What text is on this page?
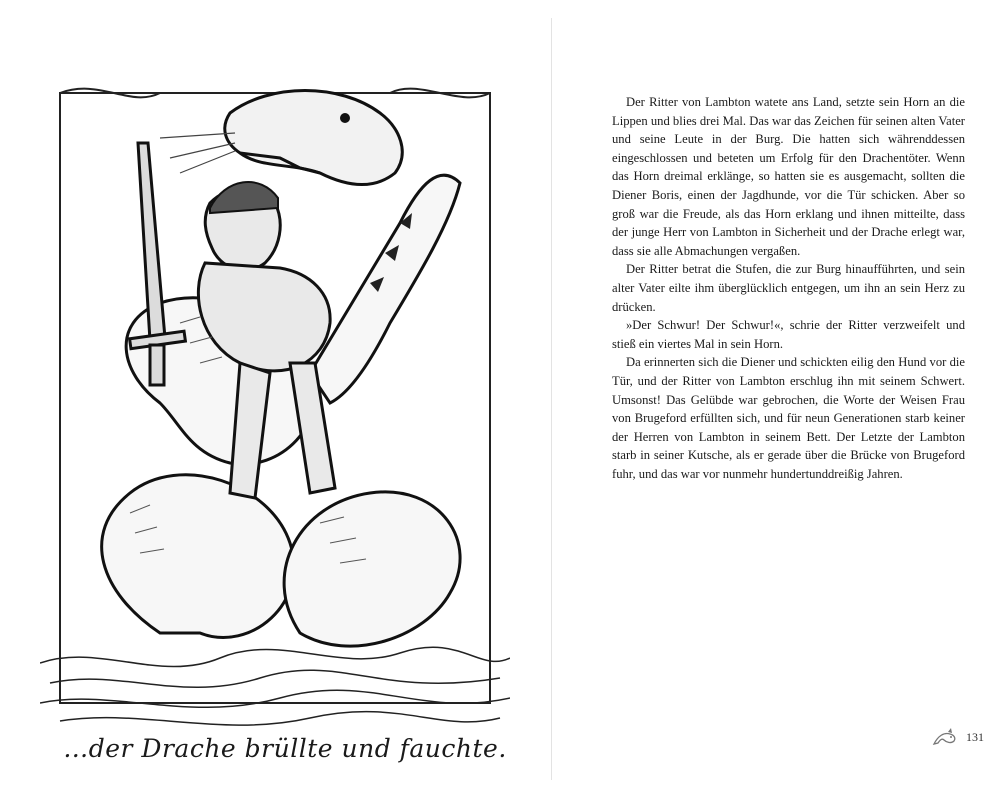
…der Drache brüllte und fauchte.

Der Ritter von Lambton watete ans Land, setzte sein Horn an die Lippen und blies drei Mal. Das war das Zeichen für seinen alten Vater und seine Leute in der Burg. Die hatten sich währenddessen eingeschlossen und beteten um Erfolg für den Drachentöter. Wenn das Horn dreimal erklänge, so hatten sie es ausgemacht, sollten die Diener Boris, einen der Jagdhunde, vor die Tür schicken. Aber so groß war die Freude, als das Horn erklang und ihnen mitteilte, dass der junge Herr von Lambton in Sicherheit und der Drache erlegt war, dass sie alle Abmachungen vergaßen.

Der Ritter betrat die Stufen, die zur Burg hinaufführten, und sein alter Vater eilte ihm überglücklich entgegen, um ihn an sein Herz zu drücken.

»Der Schwur! Der Schwur!«, schrie der Ritter verzweifelt und stieß ein viertes Mal in sein Horn.

Da erinnerten sich die Diener und schickten eilig den Hund vor die Tür, und der Ritter von Lambton erschlug ihn mit seinem Schwert. Umsonst! Das Gelübde war gebrochen, die Worte der Weisen Frau von Brugeford erfüllten sich, und für neun Generationen starb keiner der Herren von Lambton in seinem Bett. Der Letzte der Lambton starb in seiner Kutsche, als er gerade über die Brücke von Brugeford fuhr, und das war vor nunmehr hundertunddreißig Jahren.

131
